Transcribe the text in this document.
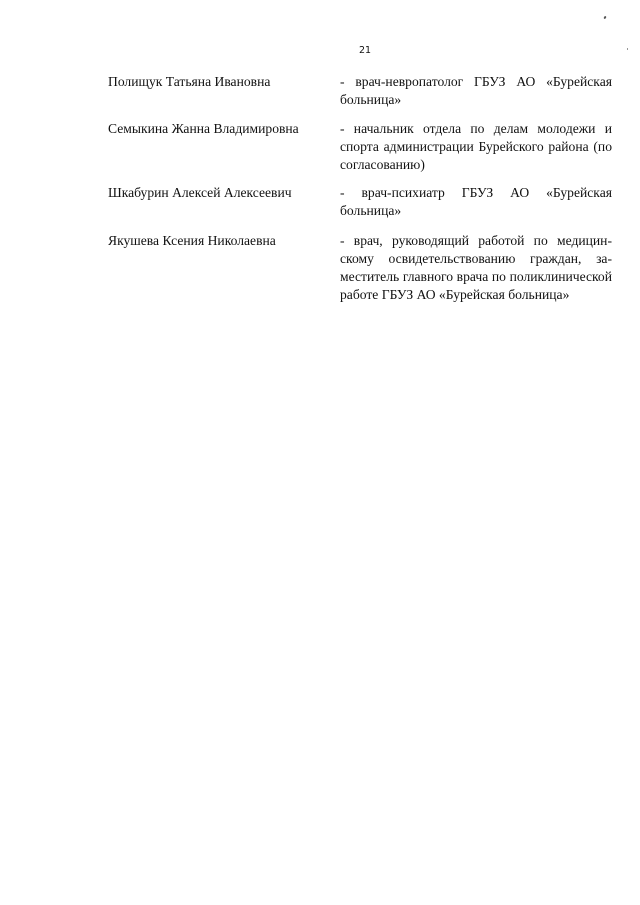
21
Полищук Татьяна Ивановна	- врач-невропатолог ГБУЗ АО «Бурейская больница»
Семыкина Жанна Владимировна	- начальник отдела по делам молодежи и спорта администрации Бурейского района (по согласованию)
Шкабурин Алексей Алексеевич	- врач-психиатр ГБУЗ АО «Бурейская больница»
Якушева Ксения Николаевна	- врач, руководящий работой по медицинскому освидетельствованию граждан, заместитель главного врача по поликлинической работе ГБУЗ АО «Бурейская больница»
